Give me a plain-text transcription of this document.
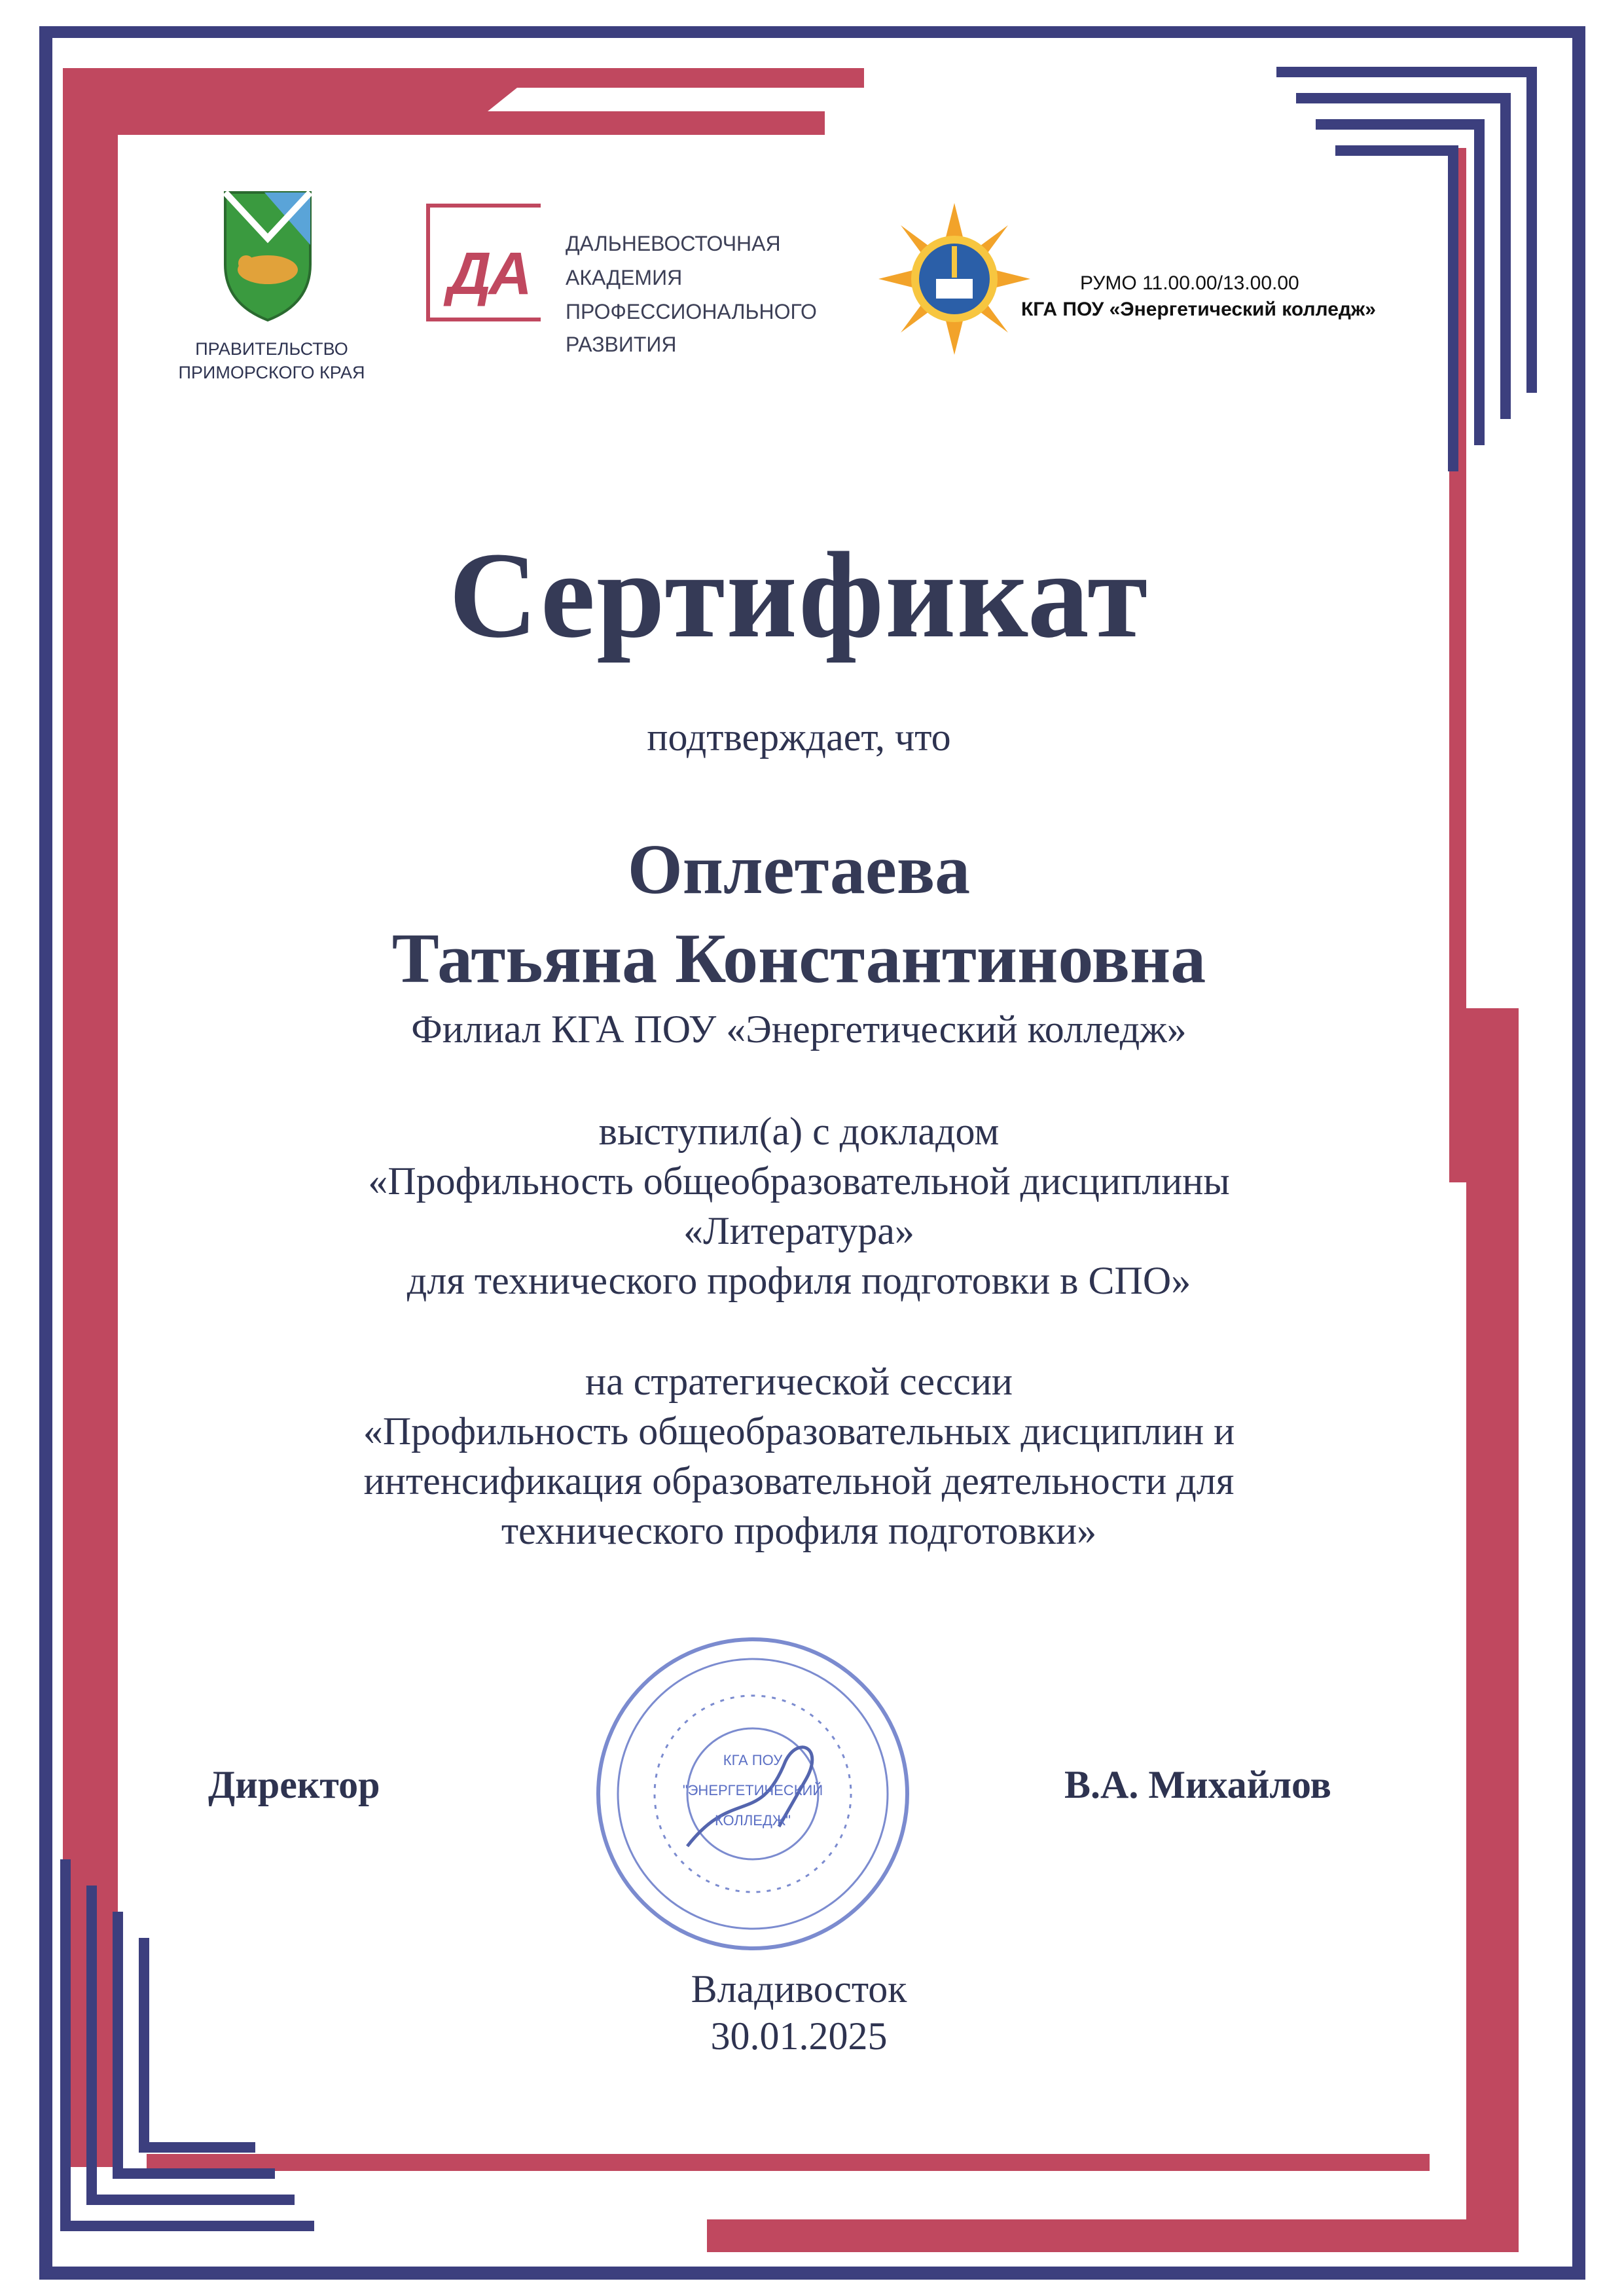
ПРАВИТЕЛЬСТВО
ПРИМОРСКОГО КРАЯ
ДА ДАЛЬНЕВОСТОЧНАЯ
АКАДЕМИЯ
ПРОФЕССИОНАЛЬНОГО
РАЗВИТИЯ
РУМО 11.00.00/13.00.00
КГА ПОУ «Энергетический колледж»
Сертификат
подтверждает, что
Оплетаева
Татьяна Константиновна
Филиал КГА ПОУ «Энергетический колледж»
выступил(а) с докладом
«Профильность общеобразовательной дисциплины
«Литература»
для технического профиля подготовки в СПО»
на стратегической сессии
«Профильность общеобразовательных дисциплин и
интенсификация образовательной деятельности для
технического профиля подготовки»
Директор	В.А. Михайлов
КГА ПОУ
"ЭНЕРГЕТИЧЕСКИЙ
КОЛЛЕДЖ"
Владивосток
30.01.2025
